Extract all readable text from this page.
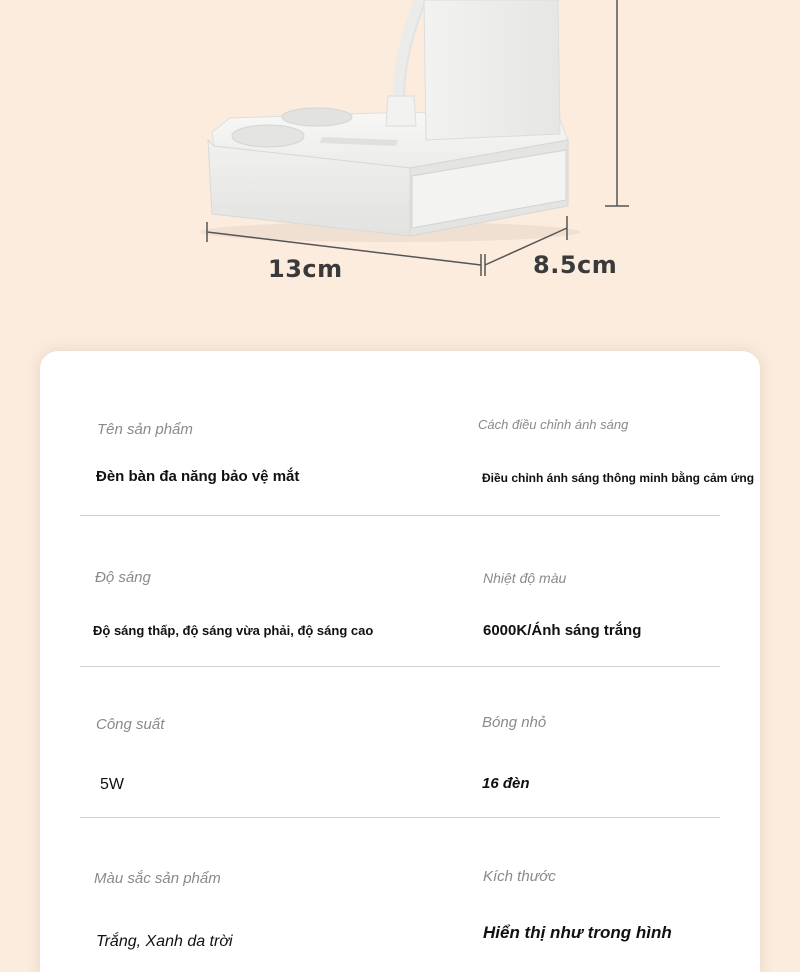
13cm	8.5cm
Tên sản phẩm
Đèn bàn đa năng bảo vệ mắt
Cách điều chỉnh ánh sáng
Điều chỉnh ánh sáng thông minh bằng cảm ứng
Độ sáng
Độ sáng thấp, độ sáng vừa phải, độ sáng cao
Nhiệt độ màu
6000K/Ánh sáng trắng
Công suất
5W
Bóng nhỏ
16 đèn
Màu sắc sản phẩm
Trắng, Xanh da trời
Kích thước
Hiển thị như trong hình
